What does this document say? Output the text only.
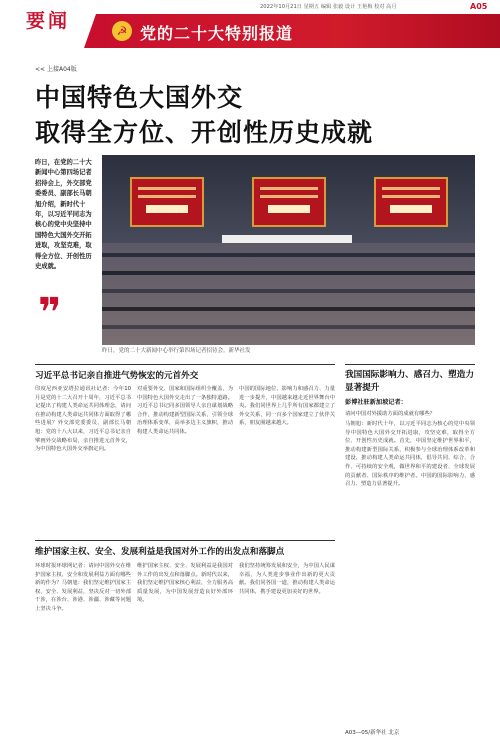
要闻
2022年10月21日 星期五 编辑 张毅 设计 王艳梅 校对 高月	A05
☭ 党的二十大特别报道
<< 上接A04版
中国特色大国外交
取得全方位、开创性历史成就
昨日，在党的二十大新闻中心第四场记者招待会上，外交部党委委员、副部长马朝旭介绍，新时代十年，以习近平同志为核心的党中央坚持中国特色大国外交开拓进取，攻坚克难，取得全方位、开创性历史成就。
❞
昨日，党的二十大新闻中心举行第四场记者招待会。新华社发
习近平总书记亲自推进气势恢宏的元首外交
印度尼西亚安塔拉通讯社记者：今年10月是党的十二大召开十周年，习近平总书记提出了构建人类命运共同体理念，请问在推动构建人类命运共同体方面取得了哪些进展？外交部党委委员、副部长马朝旭：党的十八大以来，习近平总书记亲自擘画外交战略布局，亲自推进元首外交，为中国特色大国外交举旗定向。
对重要外交、国家和国际组织全覆盖，为中国特色大国外交走出了一条独特道路。习近平总书记同多国领导人亲自谋划战略合作，推动构建新型国际关系，引领全球治理体系变革，高举多边主义旗帜，推动构建人类命运共同体。
中国的国际地位、影响力和感召力、力量进一步提升，中国越来越走近世界舞台中央。我们同世界上几乎所有国家都建立了外交关系，同一百多个国家建立了伙伴关系，朋友圈越来越大。
维护国家主权、安全、发展利益是我国对外工作的出发点和落脚点
环球时报环球网记者：请问中国外交在维护国家主权、安全和发展利益方面有哪些新的作为？马朝旭：我们坚定维护国家主权、安全、发展利益，坚决反对一切外部干涉，在涉台、涉港、涉疆、涉藏等问题上坚决斗争。
维护国家主权、安全、发展利益是我国对外工作的出发点和落脚点。新时代以来，我们坚定维护国家核心利益，全力服务高质量发展，为中国发展营造良好外部环境。
我们坚持统筹发展和安全，为中国人民谋幸福，为人类进步事业作出新的更大贡献。我们同各国一道，推动构建人类命运共同体，携手建设更加美好的世界。
我国国际影响力、感召力、塑造力显著提升
彭博社驻新加坡记者：
请问中国对外援助方面的成就有哪些？
马朝旭：新时代十年，以习近平同志为核心的党中央领导中国特色大国外交开拓进取，攻坚克难，取得全方位、开创性历史成就。首先，中国坚定维护世界和平，推动构建新型国际关系，积极参与全球治理体系改革和建设，推动构建人类命运共同体，倡导共同、综合、合作、可持续的安全观，做世界和平的建设者、全球发展的贡献者、国际秩序的维护者。中国的国际影响力、感召力、塑造力显著提升。
A03—05/新华社 北京
